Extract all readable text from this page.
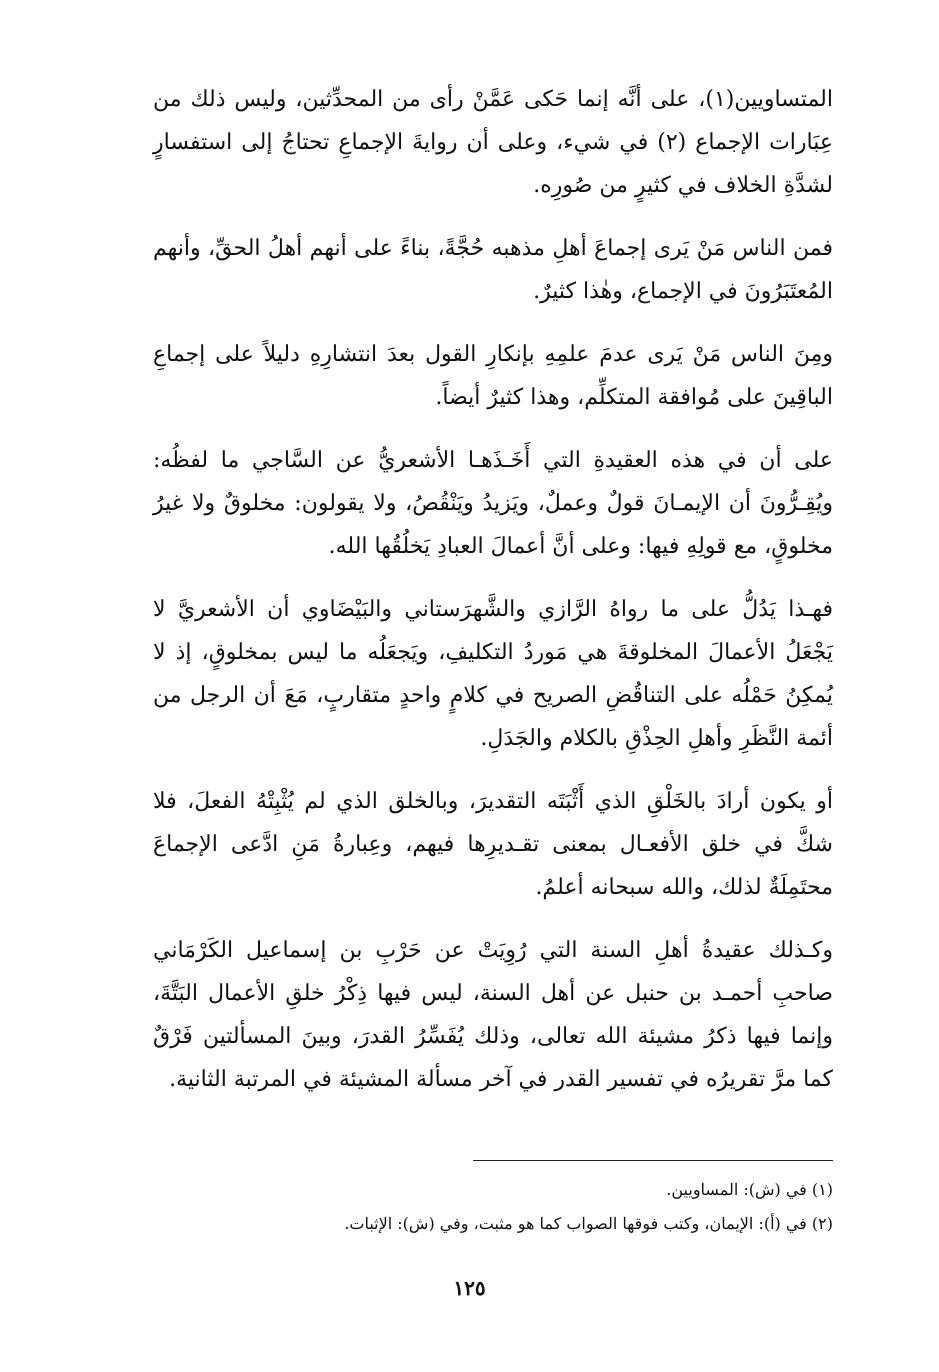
المتساويين(١)، على أنَّه إنما حَكى عَمَّنْ رأى من المحدِّثين، وليس ذلك من عِبَارات الإجماع (٢) في شيء، وعلى أن روايةَ الإجماعِ تحتاجُ إلى استفسارٍ لشدَّةِ الخلاف في كثيرٍ من صُورِه.

فمن الناس مَنْ يَرى إجماعَ أهلِ مذهبه حُجَّةً، بناءً على أنهم أهلُ الحقِّ، وأنهم المُعتَبَرُونَ في الإجماع، وهٰذا كثيرٌ.

ومِنَ الناس مَنْ يَرى عدمَ علمِهِ بإنكارِ القول بعدَ انتشارِهِ دليلاً على إجماعِ الباقِينَ على مُوافقة المتكلِّم، وهذا كثيرٌ أيضاً.

على أن في هذه العقيدةِ التي أَخَـذَهـا الأشعريُّ عن السَّاجي ما لفظُه: ويُقِـرُّونَ أن الإيمـانَ قولٌ وعملٌ، ويَزيدُ ويَنْقُصُ، ولا يقولون: مخلوقٌ ولا غيرُ مخلوقٍ، مع قولِهِ فيها: وعلى أنَّ أعمالَ العبادِ يَخلُقُها الله.

فهـذا يَدُلُّ على ما رواهُ الرَّازي والشَّهرَستاني والبَيْضَاوي أن الأشعريَّ لا يَجْعَلُ الأعمالَ المخلوقةَ هي مَوردُ التكليفِ، ويَجعَلُه ما ليس بمخلوقٍ، إذ لا يُمكِنُ حَمْلُه على التناقُضِ الصريح في كلامٍ واحدٍ متقاربٍ، مَعَ أن الرجل من أئمة النَّظَرِ وأهلِ الحِذْقِ بالكلام والجَدَلِ.

أو يكون أرادَ بالخَلْقِ الذي أَثْبَتَه التقديرَ، وبالخلق الذي لم يُثْبِتْهُ الفعلَ، فلا شكَّ في خلق الأفعـال بمعنى تقـديرِها فيهم، وعِبارةُ مَنِ ادَّعى الإجماعَ محتَمِلَةٌ لذلك، والله سبحانه أعلمُ.

وكـذلك عقيدةُ أهلِ السنة التي رُوِيَتْ عن حَرْبِ بن إسماعيل الكَرْمَاني صاحبِ أحمـد بن حنبل عن أهل السنة، ليس فيها ذِكْرُ خلقِ الأعمال البَتَّةَ، وإنما فيها ذكرُ مشيئة الله تعالى، وذلك يُفَسِّرُ القدرَ، وبينَ المسألتين فَرْقٌ كما مرَّ تقريرُه في تفسير القدر في آخر مسألة المشيئة في المرتبة الثانية.

(١) في (ش): المساويين.

(٢) في (أ): الإيمان، وكتب فوقها الصواب كما هو مثبت، وفي (ش): الإثبات.

١٢٥
